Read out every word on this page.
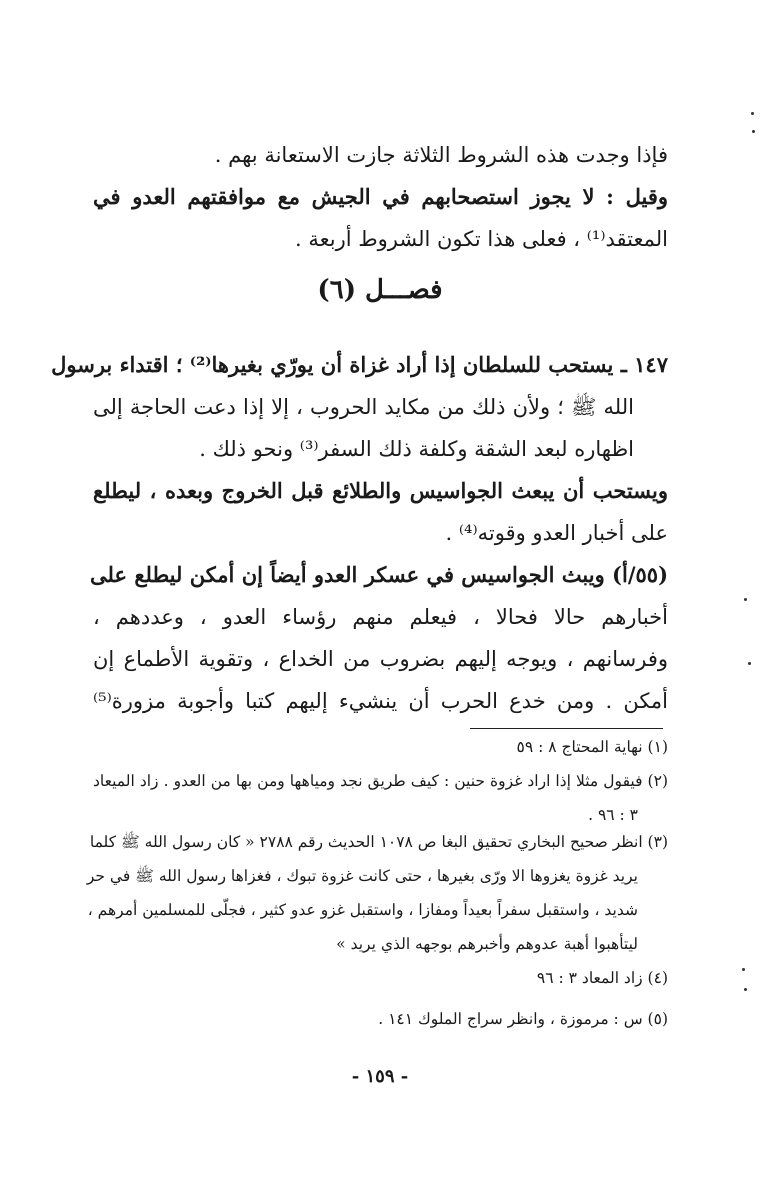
فإذا وجدت هذه الشروط الثلاثة جازت الاستعانة بهم .
وقيل : لا يجوز استصحابهم في الجيش مع موافقتهم العدو في
المعتقد⁽¹⁾ ، فعلى هذا تكون الشروط أربعة .
فصـــل (٦)
١٤٧ ـ يستحب للسلطان إذا أراد غزاة أن يورّي بغيرها⁽²⁾ ؛ اقتداء برسول
الله ﷺ ؛ ولأن ذلك من مكايد الحروب ، إلا إذا دعت الحاجة إلى
اظهاره لبعد الشقة وكلفة ذلك السفر⁽³⁾ ونحو ذلك .
ويستحب أن يبعث الجواسيس والطلائع قبل الخروج وبعده ، ليطلع
على أخبار العدو وقوته⁽⁴⁾ .
(٥٥/أ) ويبث الجواسيس في عسكر العدو أيضاً إن أمكن ليطلع على
أخبارهم حالا فحالا ، فيعلم منهم رؤساء العدو ، وعددهم ،
وفرسانهم ، ويوجه إليهم بضروب من الخداع ، وتقوية الأطماع إن
أمكن . ومن خدع الحرب أن ينشيء إليهم كتبا وأجوبة مزورة⁽⁵⁾
(١) نهاية المحتاج ٨ : ٥٩
(٢) فيقول مثلا إذا اراد غزوة حنين : كيف طريق نجد ومياهها ومن بها من العدو . زاد الميعاد
٣ : ٩٦ .
(٣) انظر صحيح البخاري تحقيق البغا ص ١٠٧٨ الحديث رقم ٢٧٨٨ « كان رسول الله ﷺ كلما
يريد غزوة يغزوها الا ورّى بغيرها ، حتى كانت غزوة تبوك ، فغزاها رسول الله ﷺ في حر
شديد ، واستقبل سفراً بعيداً ومفازا ، واستقبل غزو عدو كثير ، فجلّى للمسلمين أمرهم ،
ليتأهبوا أهبة عدوهم وأخبرهم بوجهه الذي يريد »
(٤) زاد المعاد ٣ : ٩٦
(٥) س : مرموزة ، وانظر سراج الملوك ١٤١ .
- ١٥٩ -
